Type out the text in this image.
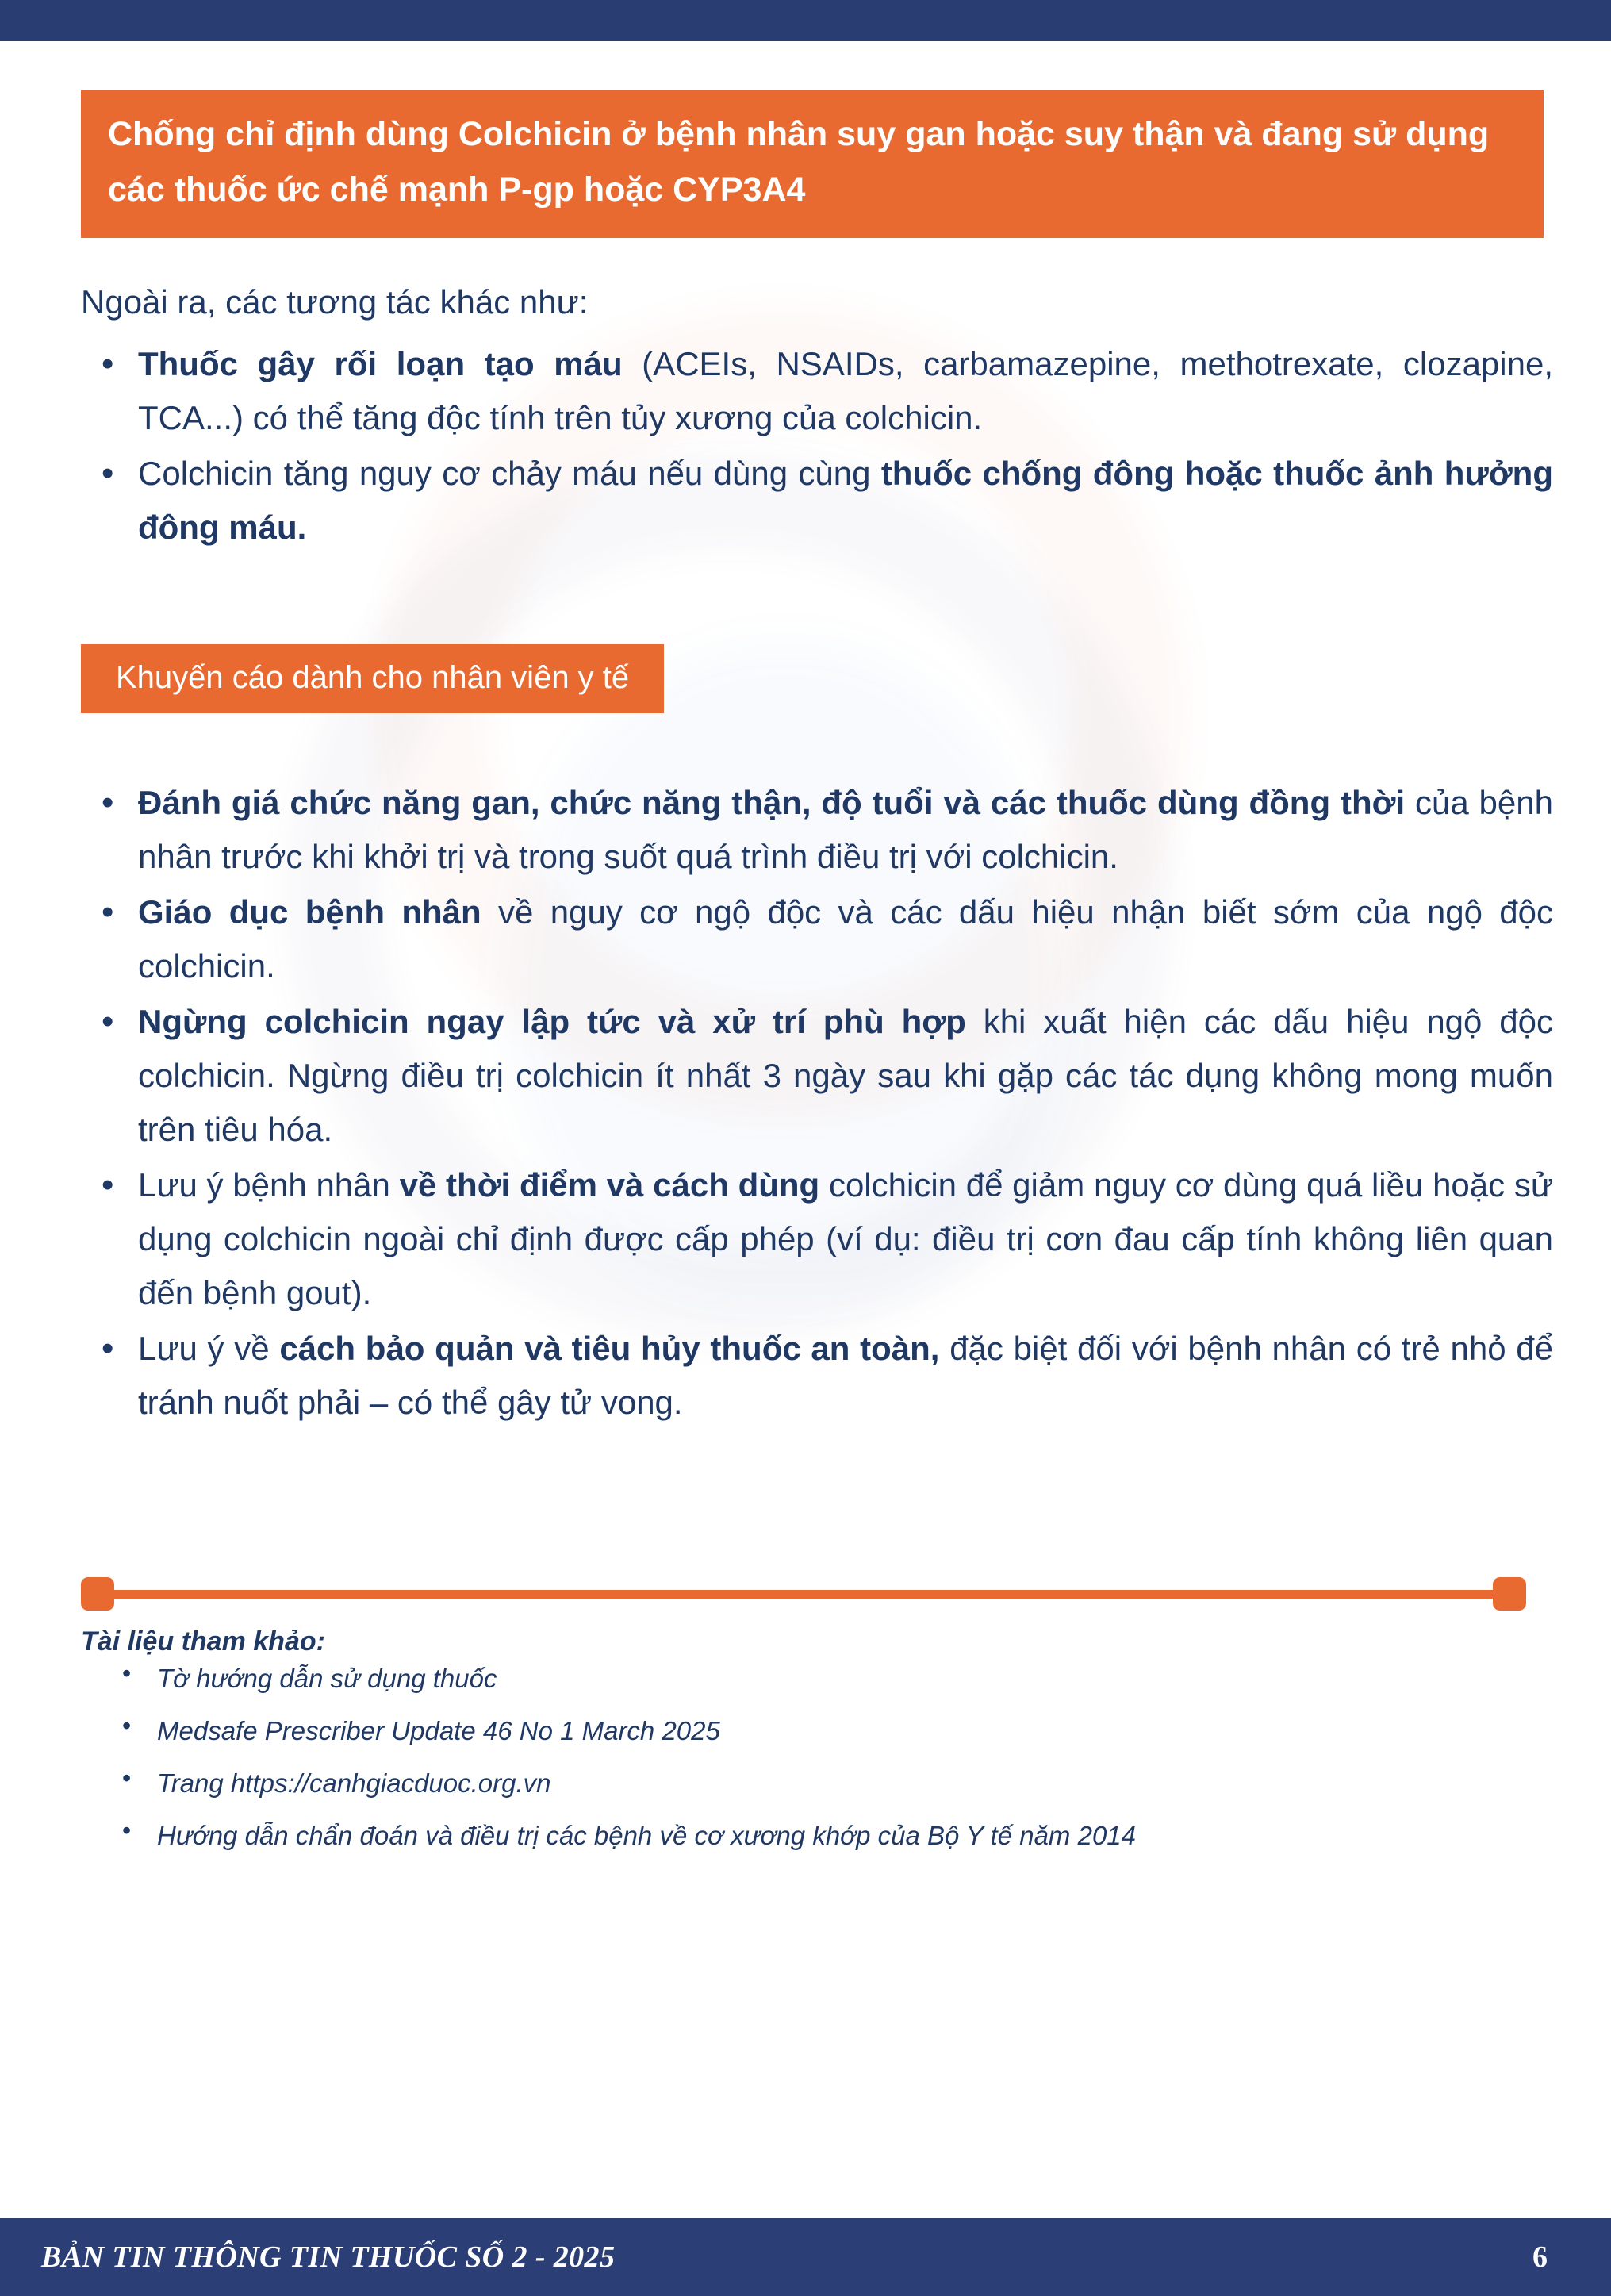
Chống chỉ định dùng Colchicin ở bệnh nhân suy gan hoặc suy thận và đang sử dụng các thuốc ức chế mạnh P-gp hoặc CYP3A4

Ngoài ra, các tương tác khác như:

• Thuốc gây rối loạn tạo máu (ACEIs, NSAIDs, carbamazepine, methotrexate, clozapine, TCA...) có thể tăng độc tính trên tủy xương của colchicin.
• Colchicin tăng nguy cơ chảy máu nếu dùng cùng thuốc chống đông hoặc thuốc ảnh hưởng đông máu.
Khuyến cáo dành cho nhân viên y tế
• Đánh giá chức năng gan, chức năng thận, độ tuổi và các thuốc dùng đồng thời của bệnh nhân trước khi khởi trị và trong suốt quá trình điều trị với colchicin.
• Giáo dục bệnh nhân về nguy cơ ngộ độc và các dấu hiệu nhận biết sớm của ngộ độc colchicin.
• Ngừng colchicin ngay lập tức và xử trí phù hợp khi xuất hiện các dấu hiệu ngộ độc colchicin. Ngừng điều trị colchicin ít nhất 3 ngày sau khi gặp các tác dụng không mong muốn trên tiêu hóa.
• Lưu ý bệnh nhân về thời điểm và cách dùng colchicin để giảm nguy cơ dùng quá liều hoặc sử dụng colchicin ngoài chỉ định được cấp phép (ví dụ: điều trị cơn đau cấp tính không liên quan đến bệnh gout).
• Lưu ý về cách bảo quản và tiêu hủy thuốc an toàn, đặc biệt đối với bệnh nhân có trẻ nhỏ để tránh nuốt phải – có thể gây tử vong.

Tài liệu tham khảo:

• Tờ hướng dẫn sử dụng thuốc
• Medsafe Prescriber Update 46 No 1 March 2025
• Trang https://canhgiacduoc.org.vn
• Hướng dẫn chẩn đoán và điều trị các bệnh về cơ xương khớp của Bộ Y tế năm 2014
BẢN TIN THÔNG TIN THUỐC SỐ 2 - 2025	6
